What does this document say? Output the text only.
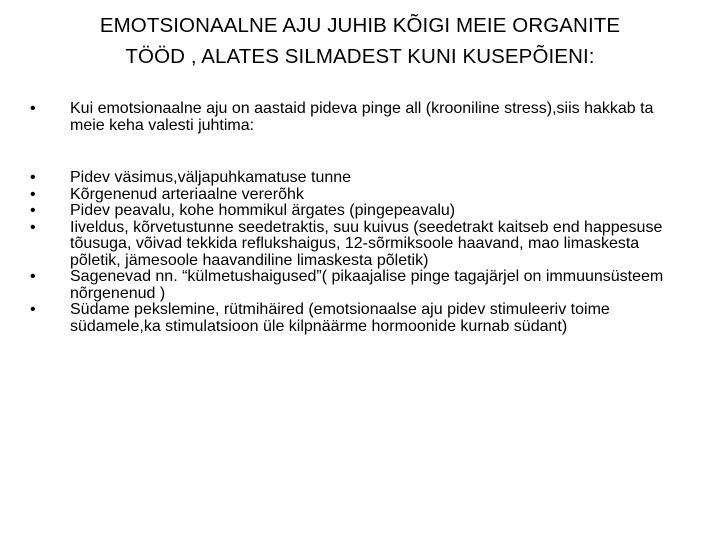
EMOTSIONAALNE AJU JUHIB KÕIGI MEIE ORGANITE
TÖÖD , ALATES SILMADEST KUNI KUSEPÕIENI:
•	Kui emotsionaalne aju on aastaid pideva pinge all (krooniline stress),siis hakkab ta meie keha valesti juhtima:
•	Pidev väsimus,väljapuhkamatuse tunne
•	Kõrgenenud arteriaalne vererõhk
•	Pidev peavalu, kohe hommikul ärgates (pingepeavalu)
•	Iiveldus, kõrvetustunne seedetraktis, suu kuivus (seedetrakt kaitseb end happesuse tõusuga, võivad tekkida reflukshaigus, 12-sõrmiksoole haavand, mao limaskesta põletik, jämesoole haavandiline limaskesta põletik)
•	Sagenevad nn. “külmetushaigused”( pikaajalise pinge tagajärjel on immuunsüsteem nõrgenenud )
•	Südame pekslemine, rütmihäired (emotsionaalse aju pidev stimuleeriv toime südamele,ka stimulatsioon üle kilpnäärme hormoonide kurnab südant)
